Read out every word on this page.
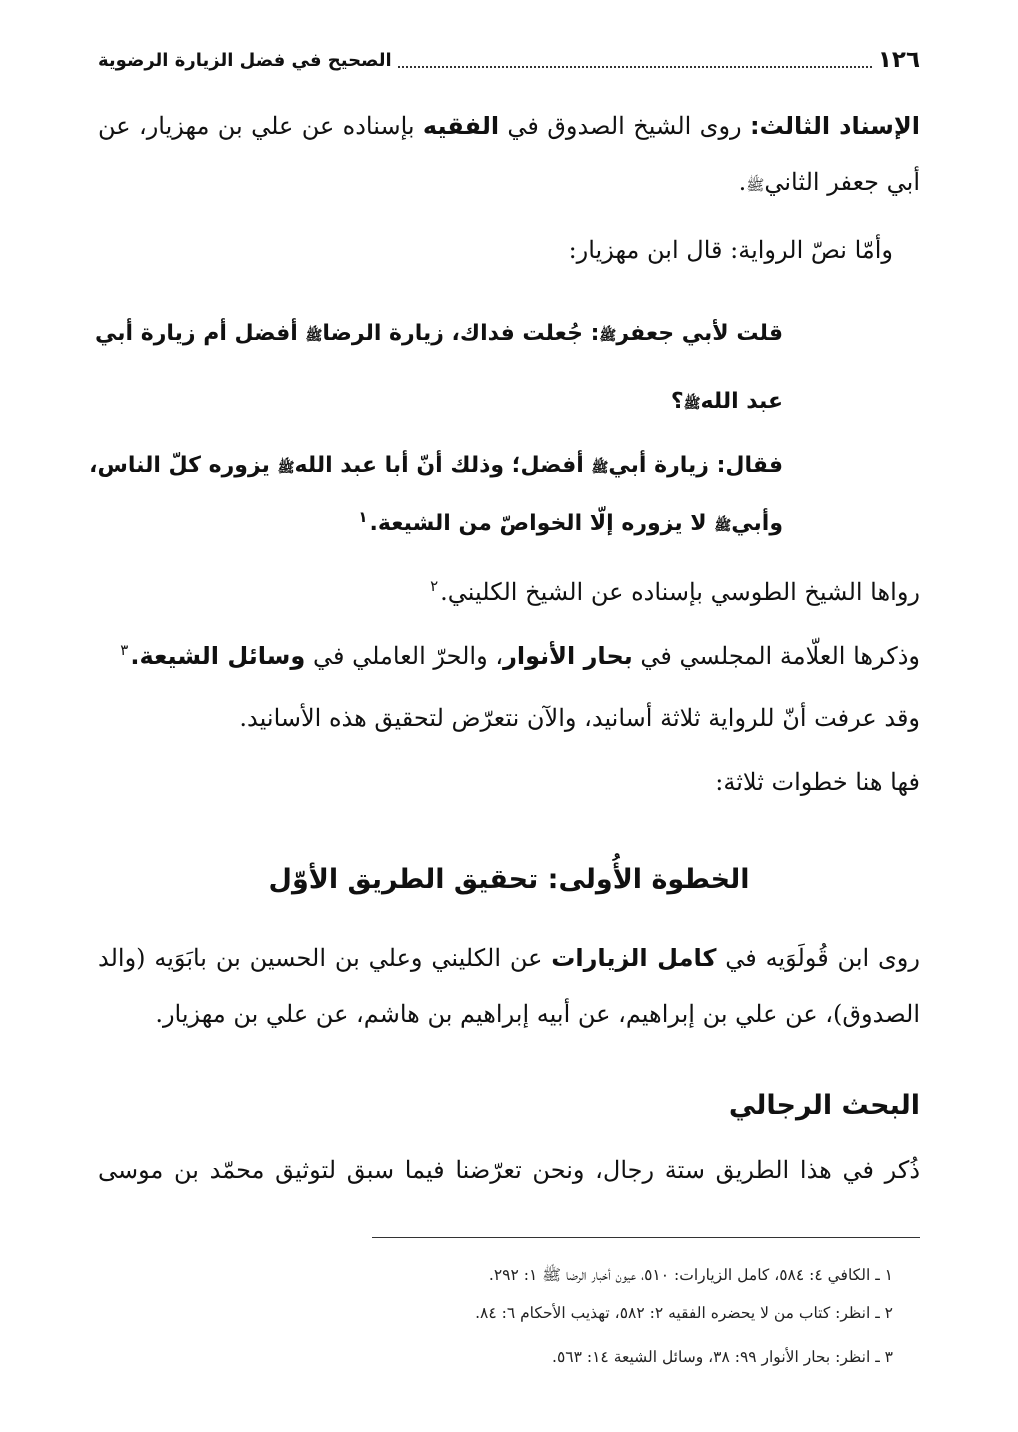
١٢٦
الصحيح في فضل الزيارة الرضوية
الإسناد الثالث: روى الشيخ الصدوق في الفقيه بإسناده عن علي بن مهزيار، عن
أبي جعفر الثانيﷺ.
وأمّا نصّ الرواية: قال ابن مهزيار:
قلت لأبي جعفرﷺ: جُعلت فداك، زيارة الرضاﷺ أفضل أم زيارة أبي
عبد اللهﷺ؟
فقال: زيارة أبيﷺ أفضل؛ وذلك أنّ أبا عبد اللهﷺ يزوره كلّ الناس،
وأبيﷺ لا يزوره إلّا الخواصّ من الشيعة.$^١$
رواها الشيخ الطوسي بإسناده عن الشيخ الكليني.$^٢$
وذكرها العلّامة المجلسي في بحار الأنوار، والحرّ العاملي في وسائل الشيعة.$^٣$
وقد عرفت أنّ للرواية ثلاثة أسانيد، والآن نتعرّض لتحقيق هذه الأسانيد.
فها هنا خطوات ثلاثة:
الخطوة الأُولى: تحقيق الطريق الأوّل
روى ابن قُولَوَيه في كامل الزيارات عن الكليني وعلي بن الحسين بن بابَوَيه (والد
الصدوق)، عن علي بن إبراهيم، عن أبيه إبراهيم بن هاشم، عن علي بن مهزيار.
البحث الرجالي
ذُكر في هذا الطريق ستة رجال، ونحن تعرّضنا فيما سبق لتوثيق محمّد بن موسى
١ ـ الكافي ٤: ٥٨٤، كامل الزيارات: ٥١٠، عيون أخبار الرضا ﷺ ١: ٢٩٢.
٢ ـ انظر: كتاب من لا يحضره الفقيه ٢: ٥٨٢، تهذيب الأحكام ٦: ٨٤.
٣ ـ انظر: بحار الأنوار ٩٩: ٣٨، وسائل الشيعة ١٤: ٥٦٣.
